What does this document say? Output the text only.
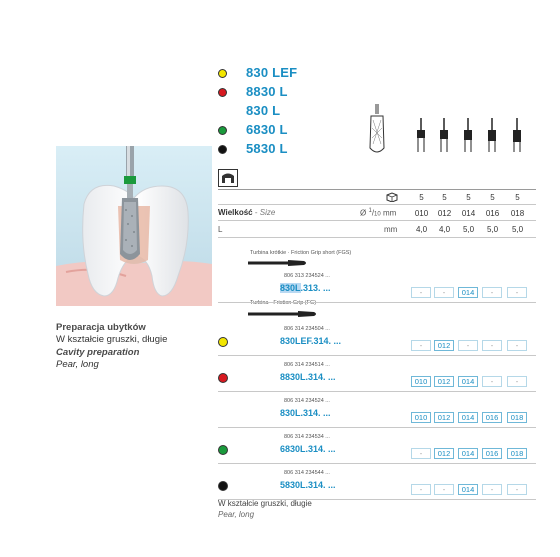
Preparacja ubytków
W kształcie gruszki, długie
Cavity preparation
Pear, long
830 LEF
8830 L
830 L
6830 L
5830 L
5	5	5	5	5
Wielkość - Size	Ø $^1$/10 mm	010	012	014	016	018
L	mm	4,0	4,0	5,0	5,0	5,0
Turbina krótkie · Friction Grip short (FGS)
Turbina · Friction Grip (FG)
806 313 234524 ...
830L.313. ...	-	-	014	-	-
806 314 234504 ...
830LEF.314. ...	-	012	-	-	-
806 314 234514 ...
8830L.314. ...	010	012	014	-	-
806 314 234524 ...
830L.314. ...	010	012	014	016	018
806 314 234534 ...
6830L.314. ...	-	012	014	016	018
806 314 234544 ...
5830L.314. ...	-	-	014	-	-
W kształcie gruszki, długie
Pear, long
